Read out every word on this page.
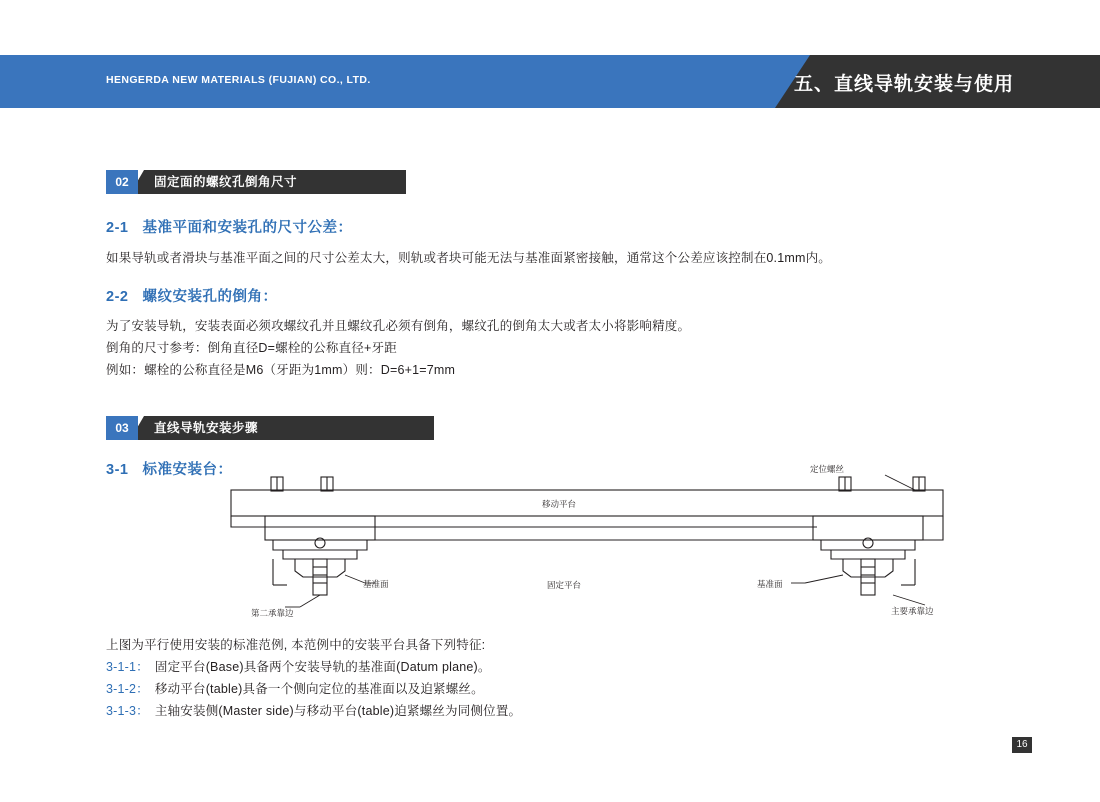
HENGERDA NEW MATERIALS (FUJIAN) CO., LTD.	五、直线导轨安装与使用
02	固定面的螺纹孔倒角尺寸
2-1 基准平面和安装孔的尺寸公差：
如果导轨或者滑块与基准平面之间的尺寸公差太大，则轨或者块可能无法与基准面紧密接触，通常这个公差应该控制在0.1mm内。
2-2 螺纹安装孔的倒角：
为了安装导轨，安装表面必须攻螺纹孔并且螺纹孔必须有倒角，螺纹孔的倒角太大或者太小将影响精度。
倒角的尺寸参考：倒角直径D=螺栓的公称直径+牙距
例如：螺栓的公称直径是M6（牙距为1mm）则：D=6+1=7mm
03	直线导轨安装步骤
3-1 标准安装台：
移动平台
固定平台
定位螺丝
基准面	基准面
第二承靠边	主要承靠边
上图为平行使用安装的标准范例, 本范例中的安装平台具备下列特征:
3-1-1： 固定平台(Base)具备两个安装导轨的基准面(Datum plane)。
3-1-2： 移动平台(table)具备一个侧向定位的基准面以及迫紧螺丝。
3-1-3： 主轴安装侧(Master side)与移动平台(table)迫紧螺丝为同侧位置。
16
